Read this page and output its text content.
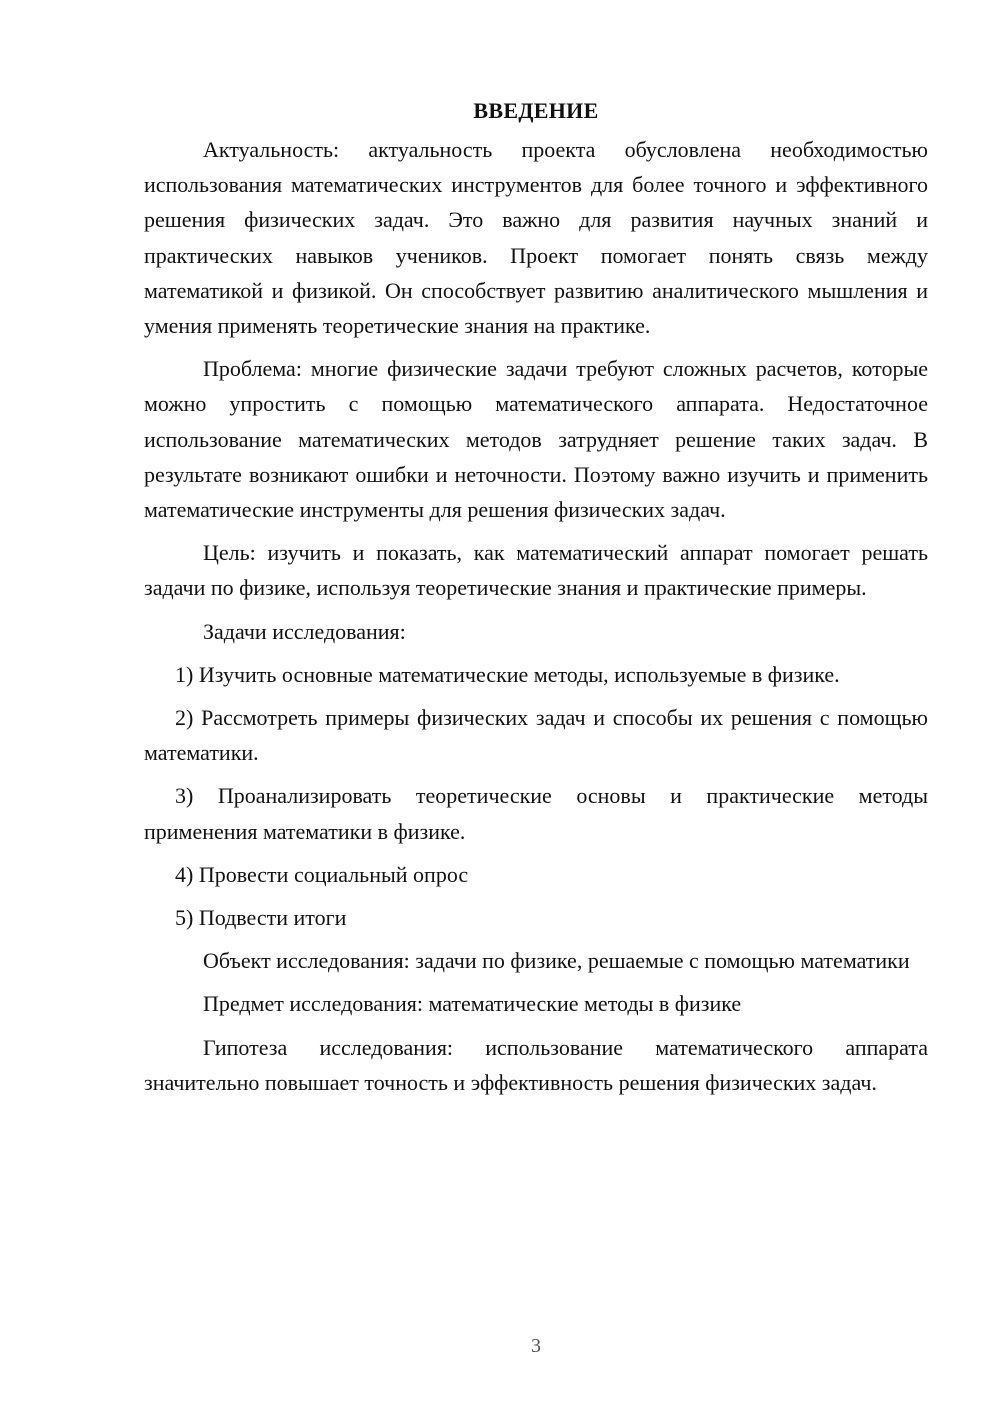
ВВЕДЕНИЕ

Актуальность: актуальность проекта обусловлена необходимостью использования математических инструментов для более точного и эффективного решения физических задач. Это важно для развития научных знаний и практических навыков учеников. Проект помогает понять связь между математикой и физикой. Он способствует развитию аналитического мышления и умения применять теоретические знания на практике.

Проблема: многие физические задачи требуют сложных расчетов, которые можно упростить с помощью математического аппарата. Недостаточное использование математических методов затрудняет решение таких задач. В результате возникают ошибки и неточности. Поэтому важно изучить и применить математические инструменты для решения физических задач.

Цель: изучить и показать, как математический аппарат помогает решать задачи по физике, используя теоретические знания и практические примеры.

Задачи исследования:

1) Изучить основные математические методы, используемые в физике.

2) Рассмотреть примеры физических задач и способы их решения с помощью математики.

3) Проанализировать теоретические основы и практические методы применения математики в физике.

4) Провести социальный опрос

5) Подвести итоги

Объект исследования: задачи по физике, решаемые с помощью математики

Предмет исследования: математические методы в физике

Гипотеза исследования: использование математического аппарата значительно повышает точность и эффективность решения физических задач.

3
